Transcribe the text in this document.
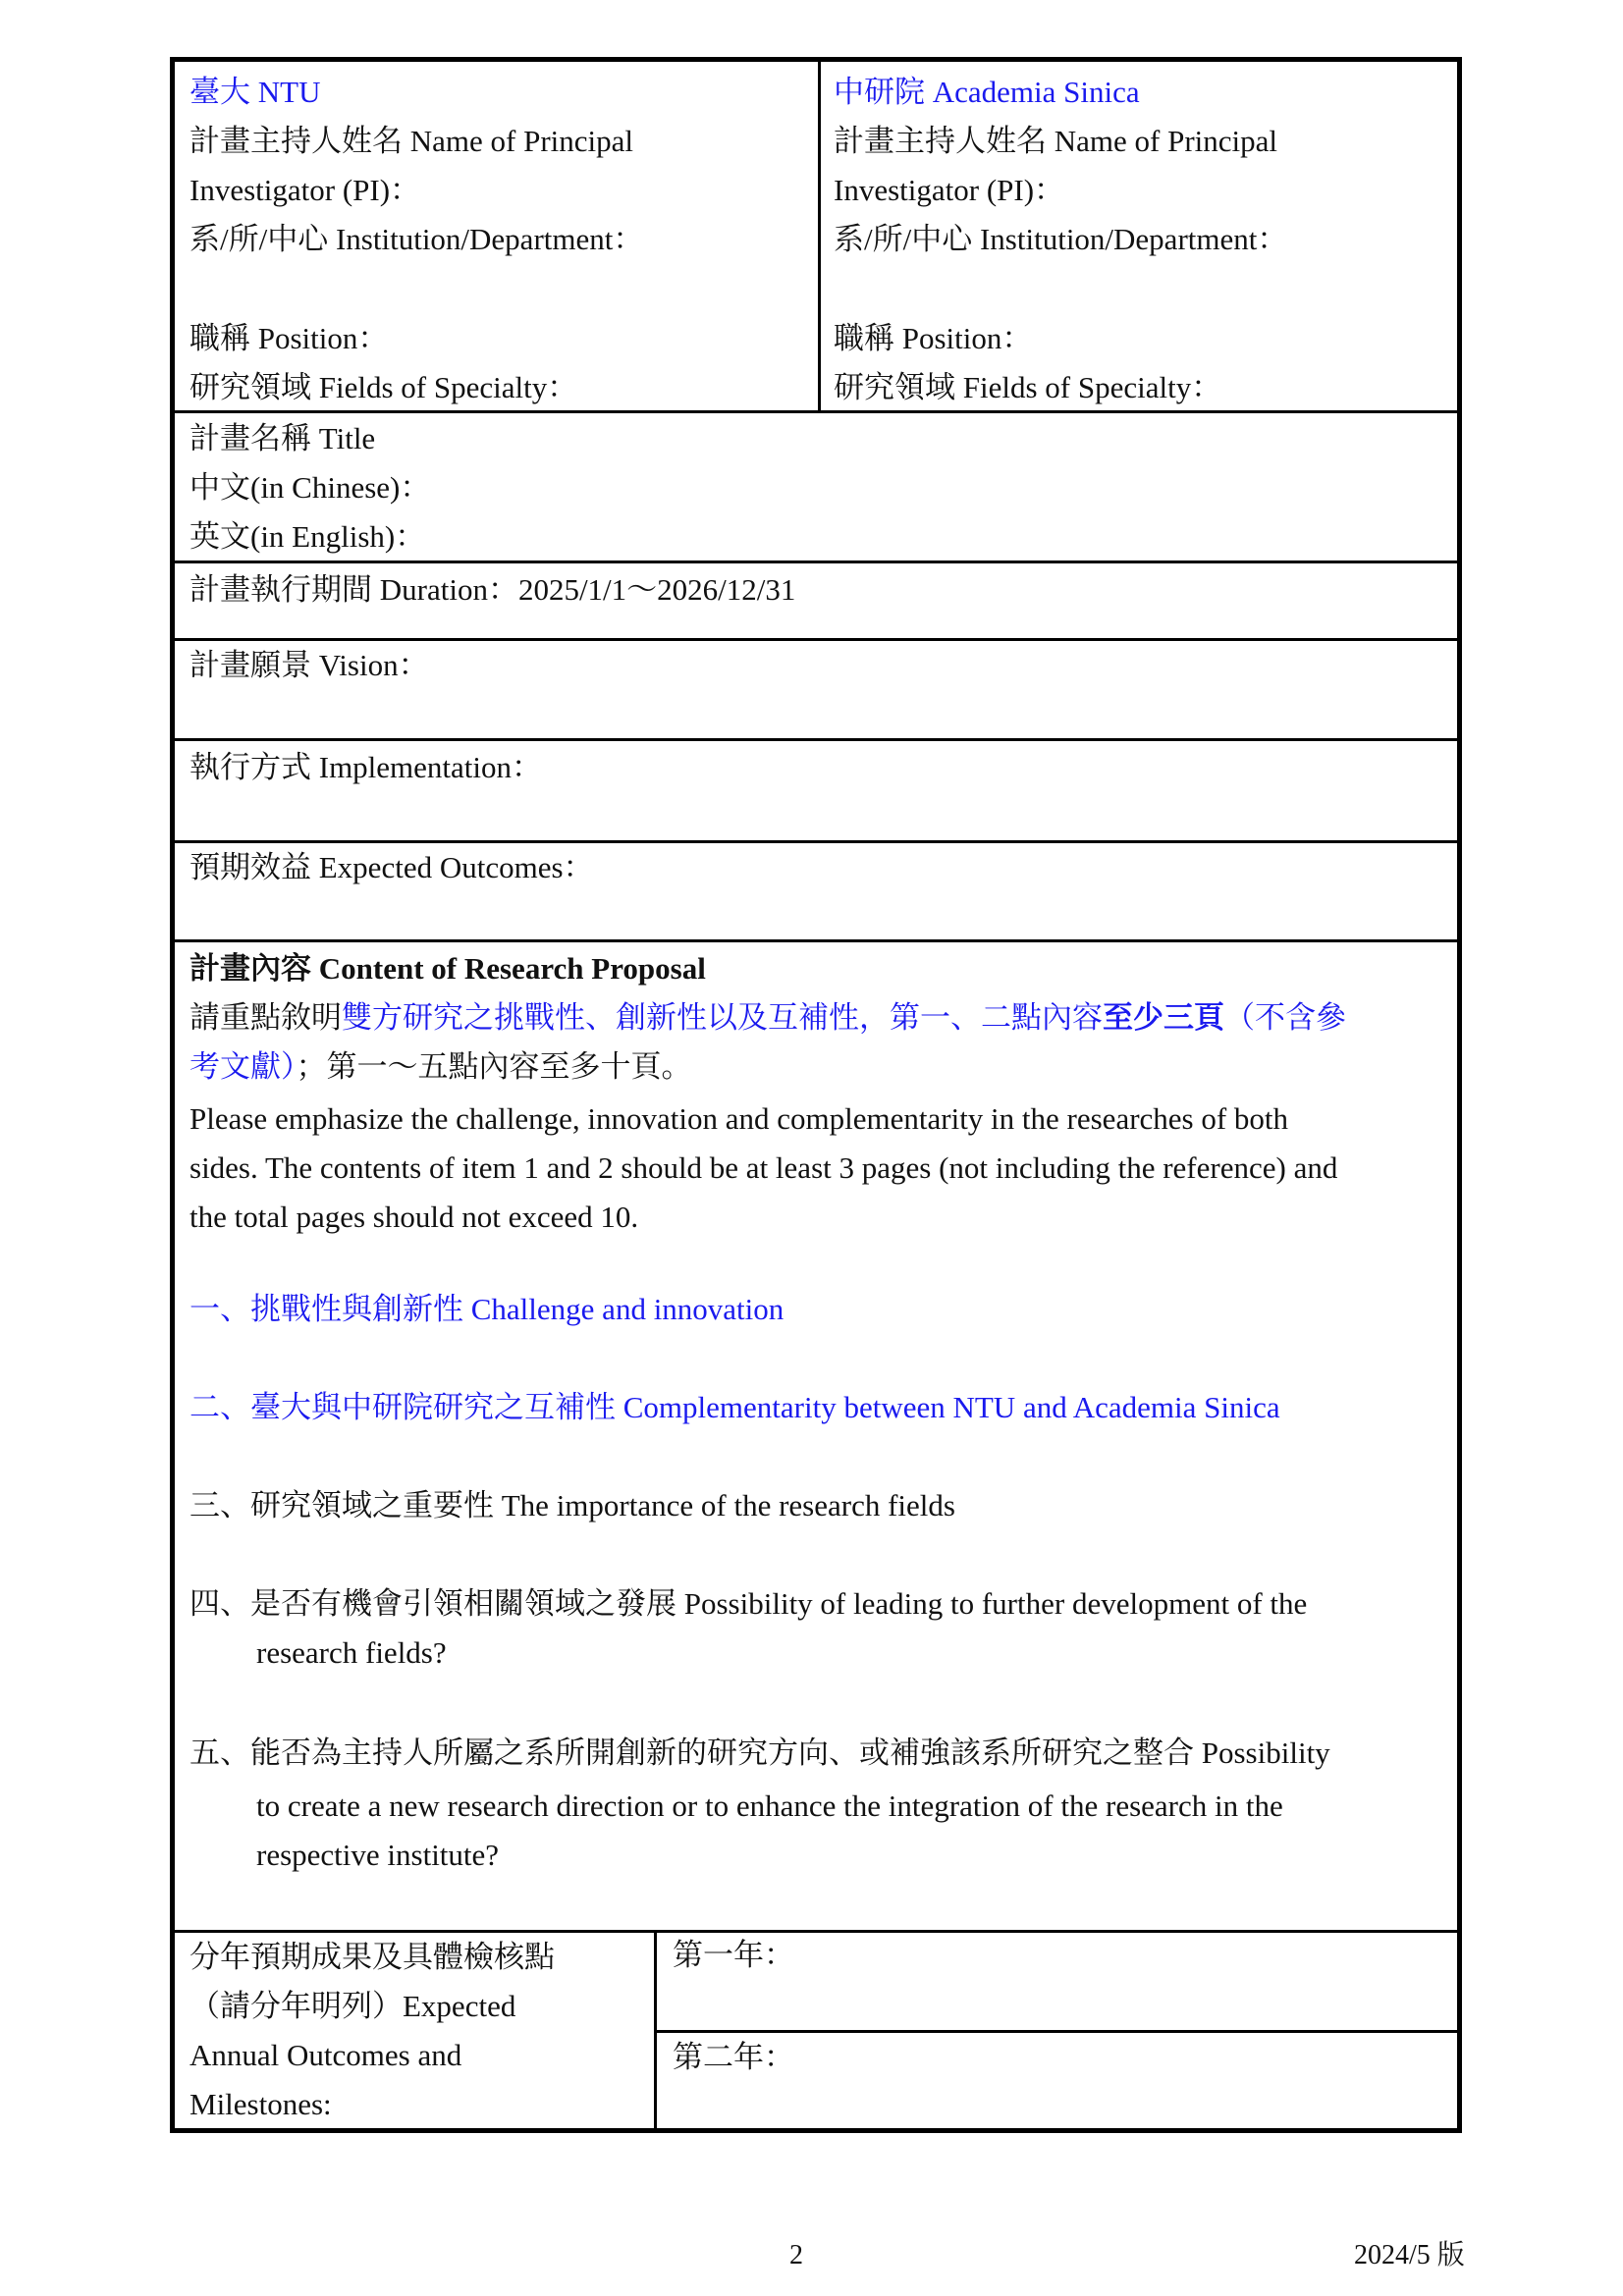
臺大 NTU
計畫主持人姓名 Name of Principal
Investigator (PI)：
系/所/中心 Institution/Department：
職稱 Position：
研究領域 Fields of Specialty：
中研院 Academia Sinica
計畫主持人姓名 Name of Principal
Investigator (PI)：
系/所/中心 Institution/Department：
職稱 Position：
研究領域 Fields of Specialty：
計畫名稱 Title
中文(in Chinese)：
英文(in English)：
計畫執行期間 Duration：2025/1/1～2026/12/31
計畫願景 Vision：
執行方式 Implementation：
預期效益 Expected Outcomes：
計畫內容 Content of Research Proposal
請重點敘明雙方研究之挑戰性、創新性以及互補性，第一、二點內容至少三頁（不含參
考文獻）；第一～五點內容至多十頁。
Please emphasize the challenge, innovation and complementarity in the researches of both
sides. The contents of item 1 and 2 should be at least 3 pages (not including the reference) and
the total pages should not exceed 10.
一、挑戰性與創新性 Challenge and innovation
二、臺大與中研院研究之互補性 Complementarity between NTU and Academia Sinica
三、研究領域之重要性 The importance of the research fields
四、是否有機會引領相關領域之發展 Possibility of leading to further development of the
research fields?
五、能否為主持人所屬之系所開創新的研究方向、或補強該系所研究之整合 Possibility
to create a new research direction or to enhance the integration of the research in the
respective institute?
分年預期成果及具體檢核點
（請分年明列）Expected
Annual Outcomes and
Milestones:
第一年：
第二年：
2	2024/5 版
